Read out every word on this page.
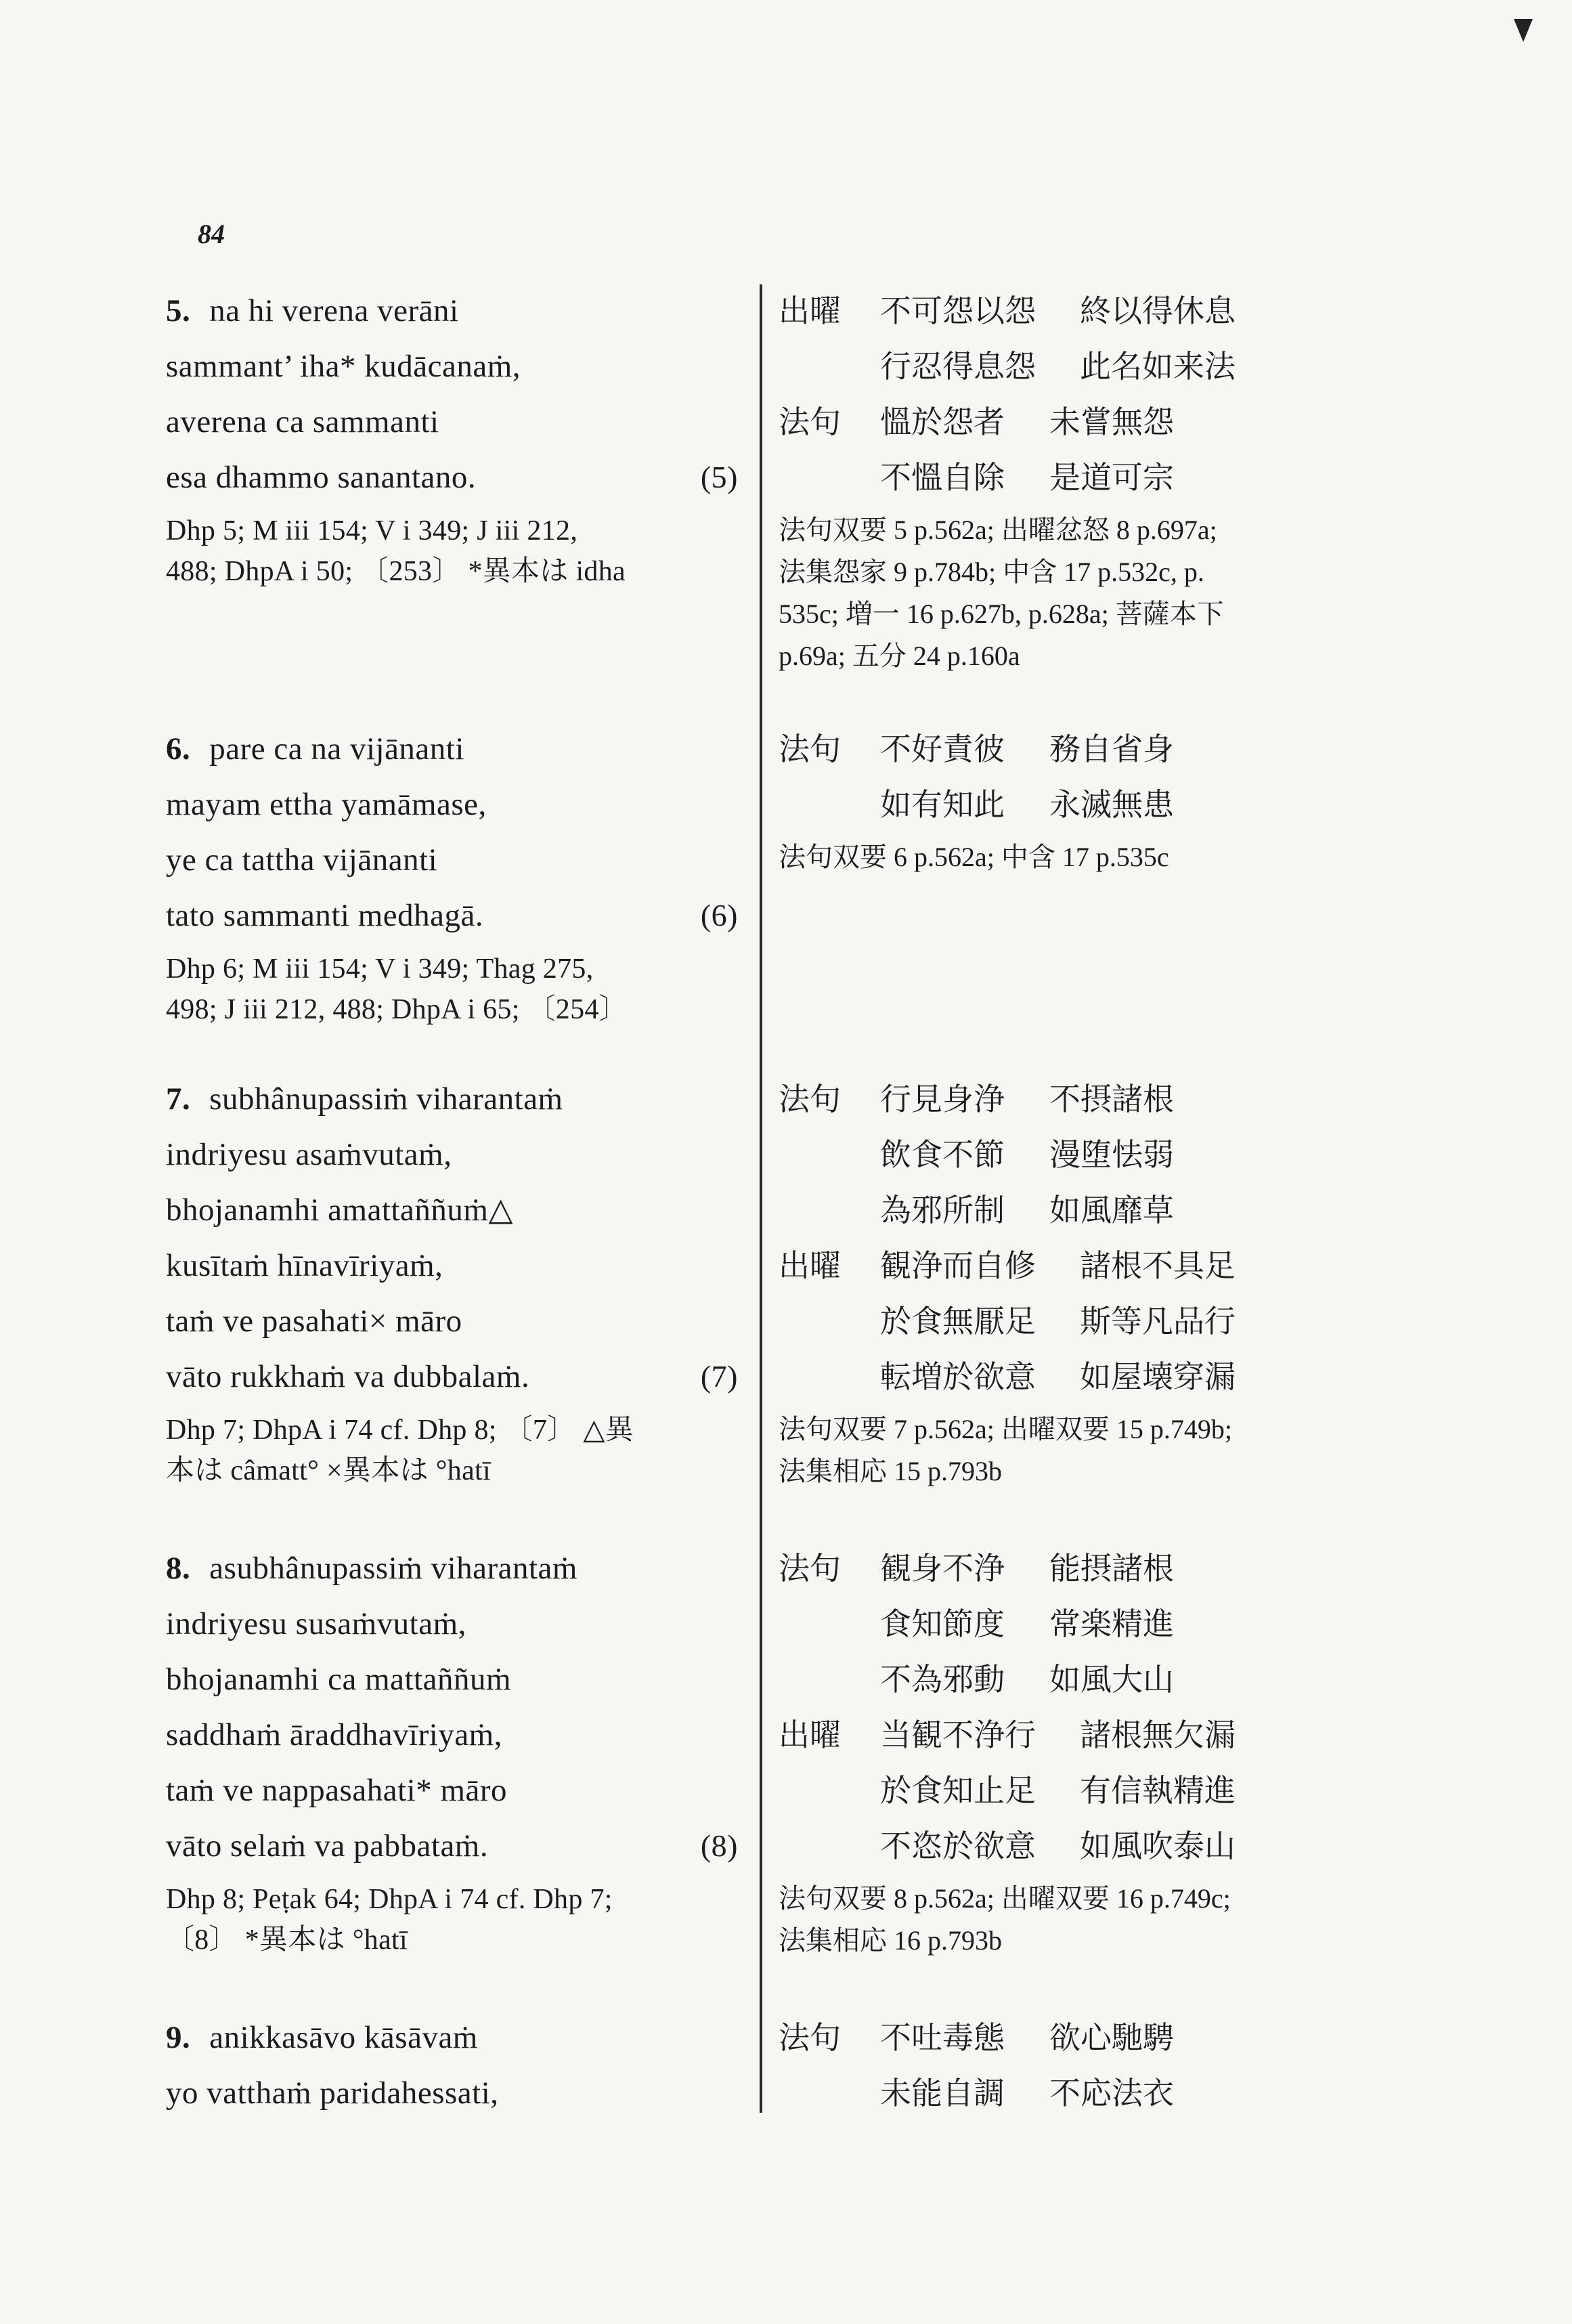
84
5. na hi verena verāni
sammant’ iha* kudācanaṁ,
averena ca sammanti
esa dhammo sanantano.	(5)
Dhp 5; M iii 154; V i 349; J iii 212,
488; DhpA i 50; 〔253〕 *異本は idha
出曜 不可怨以怨 終以得休息
行忍得息怨 此名如来法
法句 慍於怨者 未嘗無怨
不慍自除 是道可宗
法句双要 5 p.562a; 出曜忿怒 8 p.697a;
法集怨家 9 p.784b; 中含 17 p.532c, p.
535c; 増一 16 p.627b, p.628a; 菩薩本下
p.69a; 五分 24 p.160a
6. pare ca na vijānanti
mayam ettha yamāmase,
ye ca tattha vijānanti
tato sammanti medhagā.	(6)
Dhp 6; M iii 154; V i 349; Thag 275,
498; J iii 212, 488; DhpA i 65; 〔254〕
法句 不好責彼 務自省身
如有知此 永滅無患
法句双要 6 p.562a; 中含 17 p.535c
7. subhânupassiṁ viharantaṁ
indriyesu asaṁvutaṁ,
bhojanamhi amattaññuṁ△
kusītaṁ hīnavīriyaṁ,
taṁ ve pasahati× māro
vāto rukkhaṁ va dubbalaṁ.	(7)
Dhp 7; DhpA i 74 cf. Dhp 8; 〔7〕 △異
本は câmatt° ×異本は °hatī
法句 行見身浄 不摂諸根
飲食不節 漫堕怯弱
為邪所制 如風靡草
出曜 観浄而自修 諸根不具足
於食無厭足 斯等凡品行
転増於欲意 如屋壊穿漏
法句双要 7 p.562a; 出曜双要 15 p.749b;
法集相応 15 p.793b
8. asubhânupassiṁ viharantaṁ
indriyesu susaṁvutaṁ,
bhojanamhi ca mattaññuṁ
saddhaṁ āraddhavīriyaṁ,
taṁ ve nappasahati* māro
vāto selaṁ va pabbataṁ.	(8)
Dhp 8; Peṭak 64; DhpA i 74 cf. Dhp 7;
〔8〕 *異本は °hatī
法句 観身不浄 能摂諸根
食知節度 常楽精進
不為邪動 如風大山
出曜 当観不浄行 諸根無欠漏
於食知止足 有信執精進
不恣於欲意 如風吹泰山
法句双要 8 p.562a; 出曜双要 16 p.749c;
法集相応 16 p.793b
9. anikkasāvo kāsāvaṁ
yo vatthaṁ paridahessati,
法句 不吐毒態 欲心馳騁
未能自調 不応法衣
